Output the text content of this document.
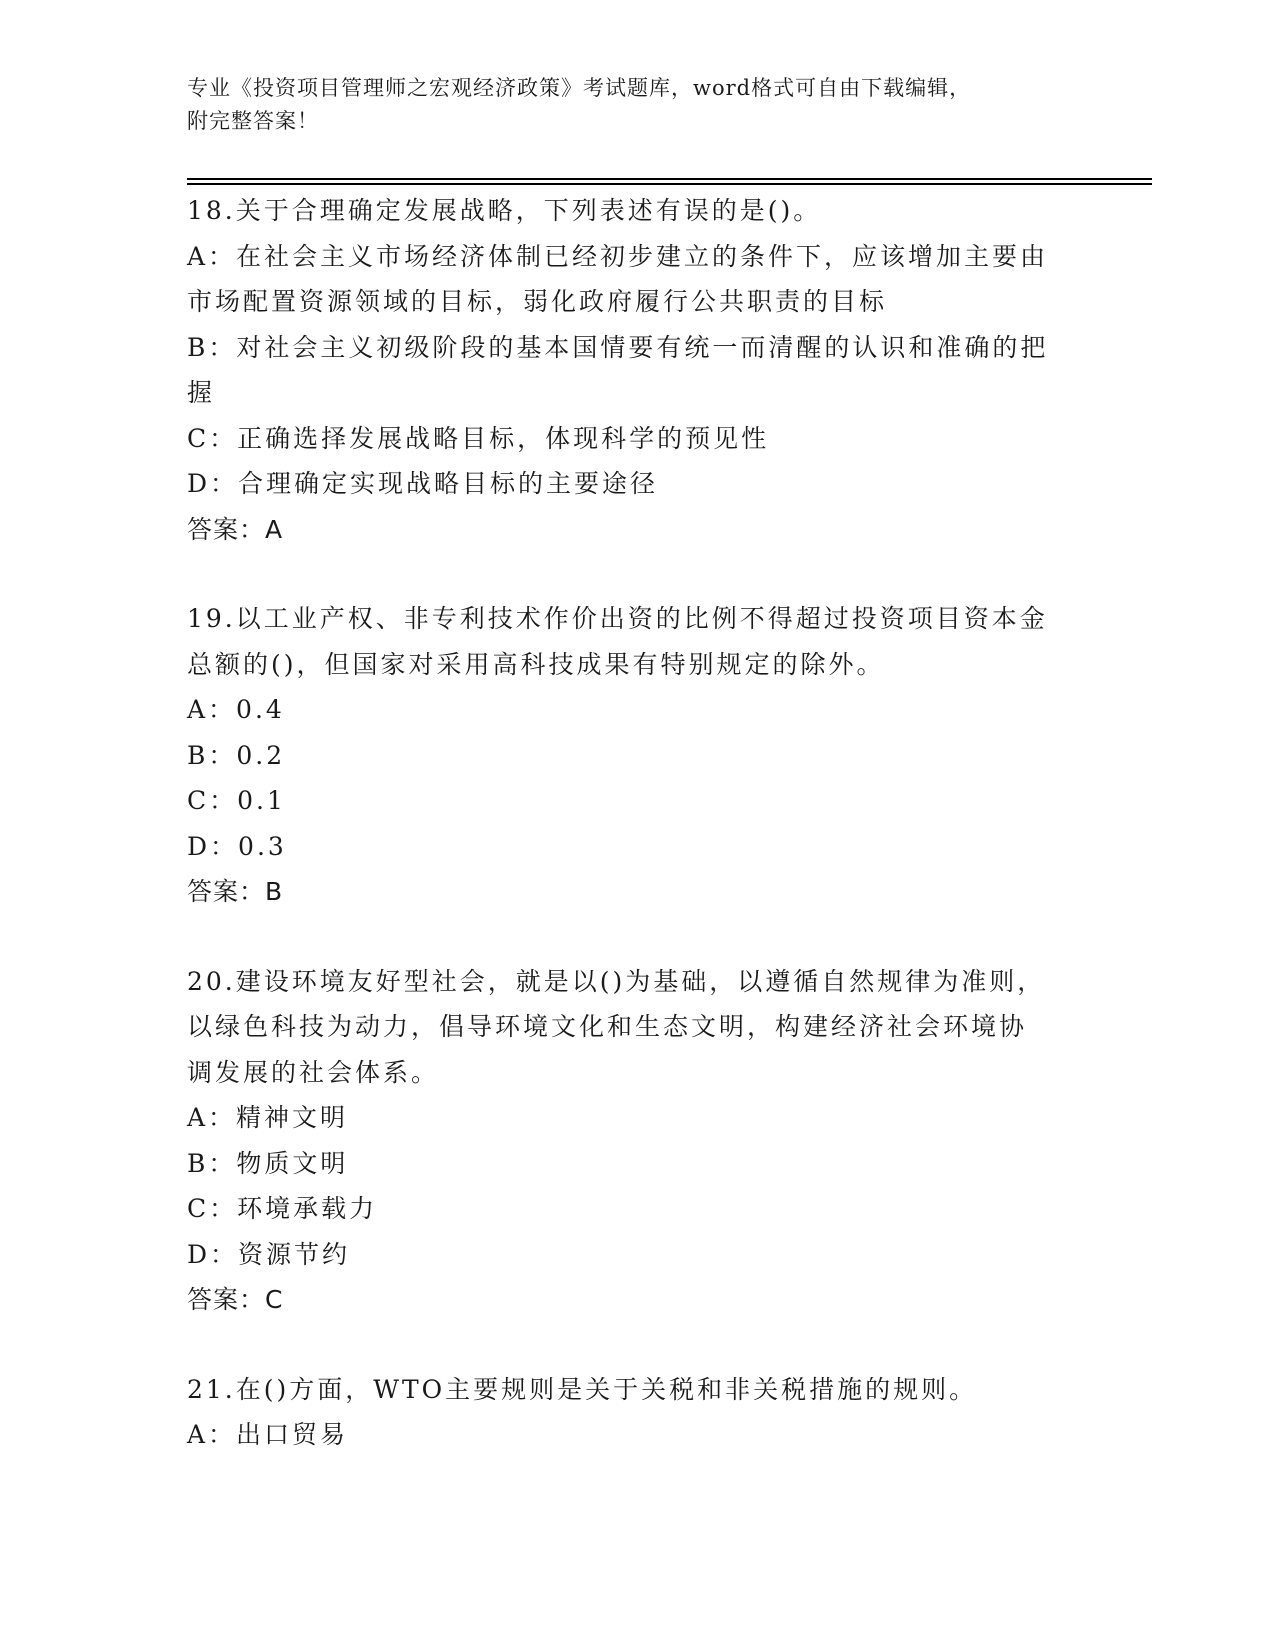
专业《投资项目管理师之宏观经济政策》考试题库，word格式可自由下载编辑，
附完整答案！
18.关于合理确定发展战略，下列表述有误的是()。
A：在社会主义市场经济体制已经初步建立的条件下，应该增加主要由
市场配置资源领域的目标，弱化政府履行公共职责的目标
B：对社会主义初级阶段的基本国情要有统一而清醒的认识和准确的把
握
C：正确选择发展战略目标，体现科学的预见性
D：合理确定实现战略目标的主要途径
答案：A
19.以工业产权、非专利技术作价出资的比例不得超过投资项目资本金
总额的()，但国家对采用高科技成果有特别规定的除外。
A：0.4
B：0.2
C：0.1
D：0.3
答案：B
20.建设环境友好型社会，就是以()为基础，以遵循自然规律为准则，
以绿色科技为动力，倡导环境文化和生态文明，构建经济社会环境协
调发展的社会体系。
A：精神文明
B：物质文明
C：环境承载力
D：资源节约
答案：C
21.在()方面，WTO主要规则是关于关税和非关税措施的规则。
A：出口贸易
